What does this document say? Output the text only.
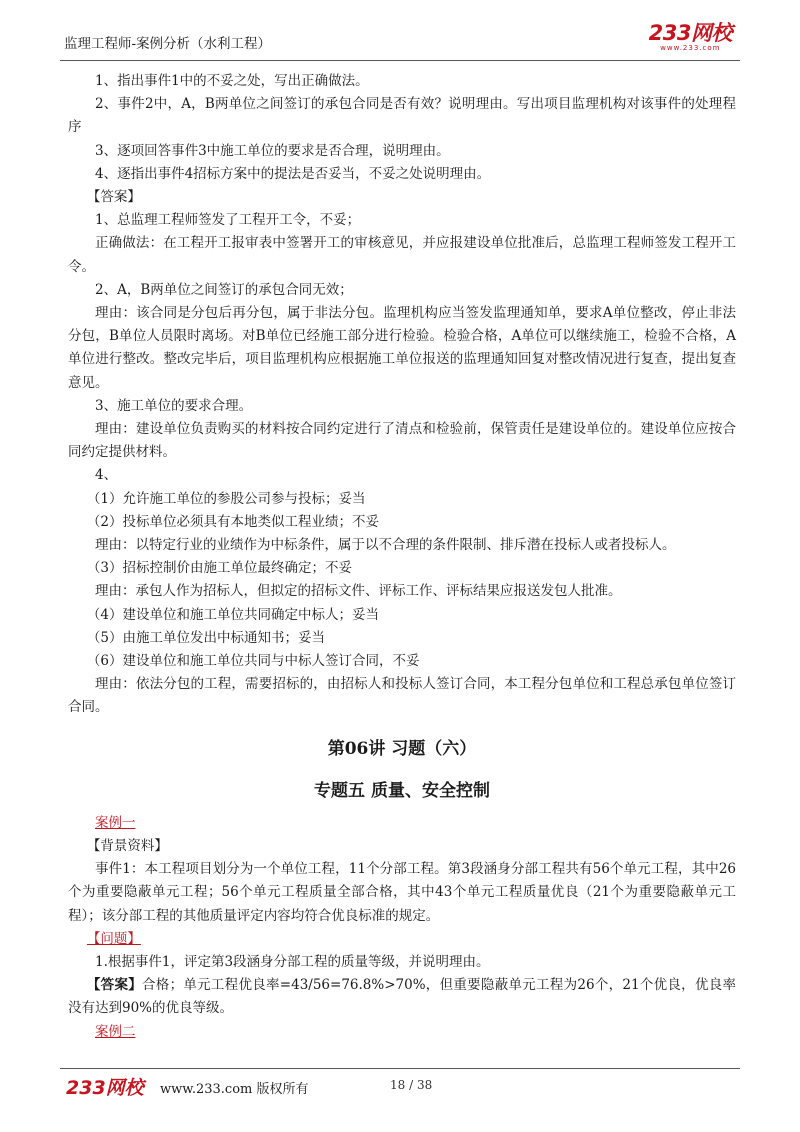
监理工程师-案例分析（水利工程）	233网校
www.233.com

1、指出事件1中的不妥之处，写出正确做法。

2、事件2中，A，B两单位之间签订的承包合同是否有效？说明理由。写出项目监理机构对该事件的处理程序

3、逐项回答事件3中施工单位的要求是否合理，说明理由。

4、逐指出事件4招标方案中的提法是否妥当，不妥之处说明理由。

【答案】

1、总监理工程师签发了工程开工令，不妥；

正确做法：在工程开工报审表中签署开工的审核意见，并应报建设单位批准后，总监理工程师签发工程开工令。

2、A，B两单位之间签订的承包合同无效；

理由：该合同是分包后再分包，属于非法分包。监理机构应当签发监理通知单，要求A单位整改，停止非法分包，B单位人员限时离场。对B单位已经施工部分进行检验。检验合格，A单位可以继续施工，检验不合格，A单位进行整改。整改完毕后，项目监理机构应根据施工单位报送的监理通知回复对整改情况进行复查，提出复查意见。

3、施工单位的要求合理。

理由：建设单位负责购买的材料按合同约定进行了清点和检验前，保管责任是建设单位的。建设单位应按合同约定提供材料。

4、

（1）允许施工单位的参股公司参与投标；妥当

（2）投标单位必须具有本地类似工程业绩；不妥

理由：以特定行业的业绩作为中标条件，属于以不合理的条件限制、排斥潜在投标人或者投标人。

（3）招标控制价由施工单位最终确定；不妥

理由：承包人作为招标人，但拟定的招标文件、评标工作、评标结果应报送发包人批准。

（4）建设单位和施工单位共同确定中标人；妥当

（5）由施工单位发出中标通知书；妥当

（6）建设单位和施工单位共同与中标人签订合同，不妥

理由：依法分包的工程，需要招标的，由招标人和投标人签订合同，本工程分包单位和工程总承包单位签订合同。

第06讲 习题（六）
专题五 质量、安全控制

案例一

【背景资料】

事件1：本工程项目划分为一个单位工程，11个分部工程。第3段涵身分部工程共有56个单元工程，其中26个为重要隐蔽单元工程；56个单元工程质量全部合格，其中43个单元工程质量优良（21个为重要隐蔽单元工程）；该分部工程的其他质量评定内容均符合优良标准的规定。

【问题】

1.根据事件1，评定第3段涵身分部工程的质量等级，并说明理由。

【答案】合格；单元工程优良率=43/56=76.8%>70%，但重要隐蔽单元工程为26个，21个优良，优良率没有达到90%的优良等级。

案例二

233网校 www.233.com 版权所有	18 / 38
